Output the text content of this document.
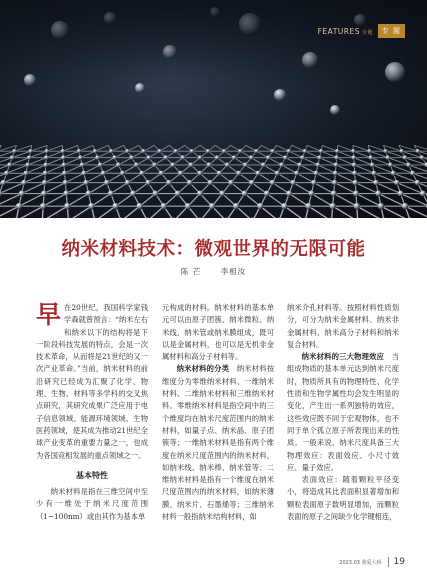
FEATURES 专题	专 题
纳米材料技术：微观世界的无限可能
陈 芒	李相汝

早在20世纪，我国科学家钱学森就曾预言：“纳米左右和纳米以下的结构将是下一阶段科技发展的特点，会是一次技术革命，从而将是21世纪的又一次产业革命。”当前，纳米材料的前沿研究已经成为汇聚了化学、物理、生物、材料等多学科的交叉焦点研究，其研究成果广泛应用于电子信息领域、能源环境领域、生物医药领域，使其成为推动21世纪全球产业变革的重要力量之一，也成为各国竞相发展的重点领域之一。

基本特性

纳米材料是指在三维空间中至少有一维处于纳米尺度范围（1~100nm）或由其作为基本单

元构成的材料。纳米材料的基本单元可以由原子团簇、纳米微粒、纳米线、纳米管或纳米膜组成，既可以是金属材料，也可以是无机非金属材料和高分子材料等。

纳米材料的分类　 纳米材料按维度分为零维纳米材料、一维纳米材料、二维纳米材料和三维纳米材料。零维纳米材料是指空间中的三个维度均在纳米尺度范围内的纳米材料，如量子点、纳米晶、原子团簇等；一维纳米材料是指有两个维度在纳米尺度范围内的纳米材料，如纳米线、纳米棒、纳米管等；二维纳米材料是指有一个维度在纳米尺度范围内的纳米材料，如纳米薄膜、纳米片、石墨烯等；三维纳米材料一般指纳米结构材料，如

纳米介孔材料等。按照材料性质划分，可分为纳米金属材料、纳米非金属材料、纳米高分子材料和纳米复合材料。

纳米材料的三大物理效应　 当组成物质的基本单元达到纳米尺度时，物质所具有的物理特性、化学性质和生物学属性均会发生明显的变化，产生出一系列独特的效应，这些效应既不同于宏观物体，也不同于单个孤立原子所表现出来的性质。一般来说，纳米尺度具备三大物理效应：表面效应、小尺寸效应、量子效应。

表面效应：随着颗粒平径变小，将造成其比表面积显著增加和颗粒表面原子数明显增加，而颗粒表面的原子之间缺少化学键相连，

2023.03 我爱大桥 19
